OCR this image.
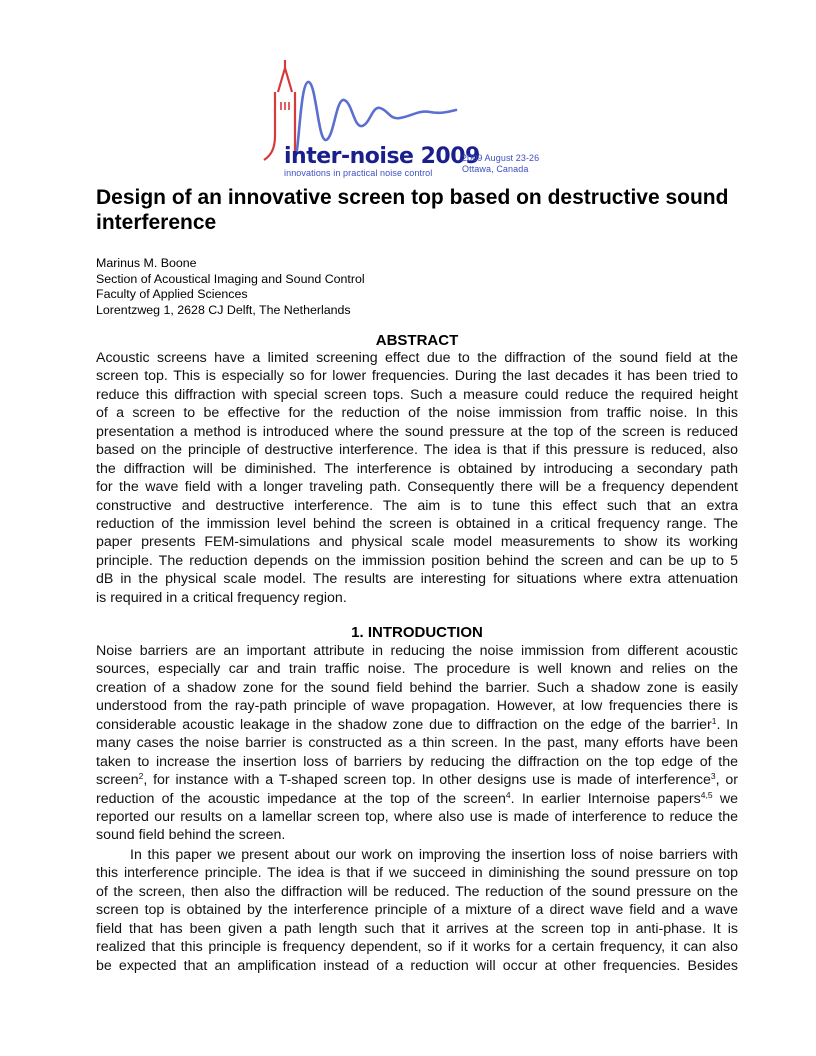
inter-noise 2009
innovations in practical noise control
2009 August 23-26
Ottawa, Canada
Design of an innovative screen top based on destructive sound interference
Marinus M. Boone
Section of Acoustical Imaging and Sound Control
Faculty of Applied Sciences
Lorentzweg 1, 2628 CJ Delft, The Netherlands
ABSTRACT
Acoustic screens have a limited screening effect due to the diffraction of the sound field at the
screen top. This is especially so for lower frequencies. During the last decades it has been tried to
reduce this diffraction with special screen tops. Such a measure could reduce the required height
of a screen to be effective for the reduction of the noise immission from traffic noise. In this
presentation a method is introduced where the sound pressure at the top of the screen is reduced
based on the principle of destructive interference. The idea is that if this pressure is reduced, also
the diffraction will be diminished. The interference is obtained by introducing a secondary path
for the wave field with a longer traveling path. Consequently there will be a frequency dependent
constructive and destructive interference. The aim is to tune this effect such that an extra
reduction of the immission level behind the screen is obtained in a critical frequency range. The
paper presents FEM-simulations and physical scale model measurements to show its working
principle. The reduction depends on the immission position behind the screen and can be up to 5
dB in the physical scale model. The results are interesting for situations where extra attenuation
is required in a critical frequency region.
1. INTRODUCTION
Noise barriers are an important attribute in reducing the noise immission from different acoustic
sources, especially car and train traffic noise. The procedure is well known and relies on the
creation of a shadow zone for the sound field behind the barrier. Such a shadow zone is easily
understood from the ray-path principle of wave propagation. However, at low frequencies there is
considerable acoustic leakage in the shadow zone due to diffraction on the edge of the barrier$^1$. In
many cases the noise barrier is constructed as a thin screen. In the past, many efforts have been
taken to increase the insertion loss of barriers by reducing the diffraction on the top edge of the
screen$^2$, for instance with a T-shaped screen top. In other designs use is made of interference$^3$, or
reduction of the acoustic impedance at the top of the screen$^4$. In earlier Internoise papers$^{4,5}$ we
reported our results on a lamellar screen top, where also use is made of interference to reduce the
sound field behind the screen.
In this paper we present about our work on improving the insertion loss of noise barriers with
this interference principle. The idea is that if we succeed in diminishing the sound pressure on top
of the screen, then also the diffraction will be reduced. The reduction of the sound pressure on the
screen top is obtained by the interference principle of a mixture of a direct wave field and a wave
field that has been given a path length such that it arrives at the screen top in anti-phase. It is
realized that this principle is frequency dependent, so if it works for a certain frequency, it can also
be expected that an amplification instead of a reduction will occur at other frequencies. Besides
